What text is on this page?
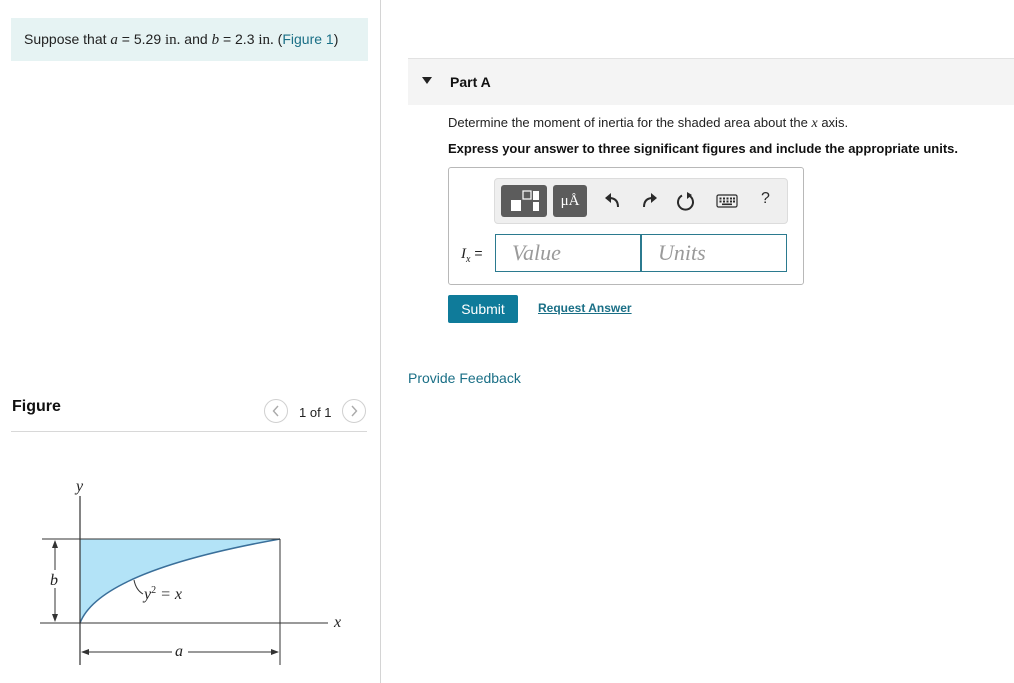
Suppose that a = 5.29 in. and b = 2.3 in. (Figure 1)
Figure	1 of 1
b
a
y
x
$y^2 = x$
Part A
Determine the moment of inertia for the shaded area about the x axis.
Express your answer to three significant figures and include the appropriate units.
μÅ	?
$I_x$ =
Value
Units
Submit	Request Answer
Provide Feedback
